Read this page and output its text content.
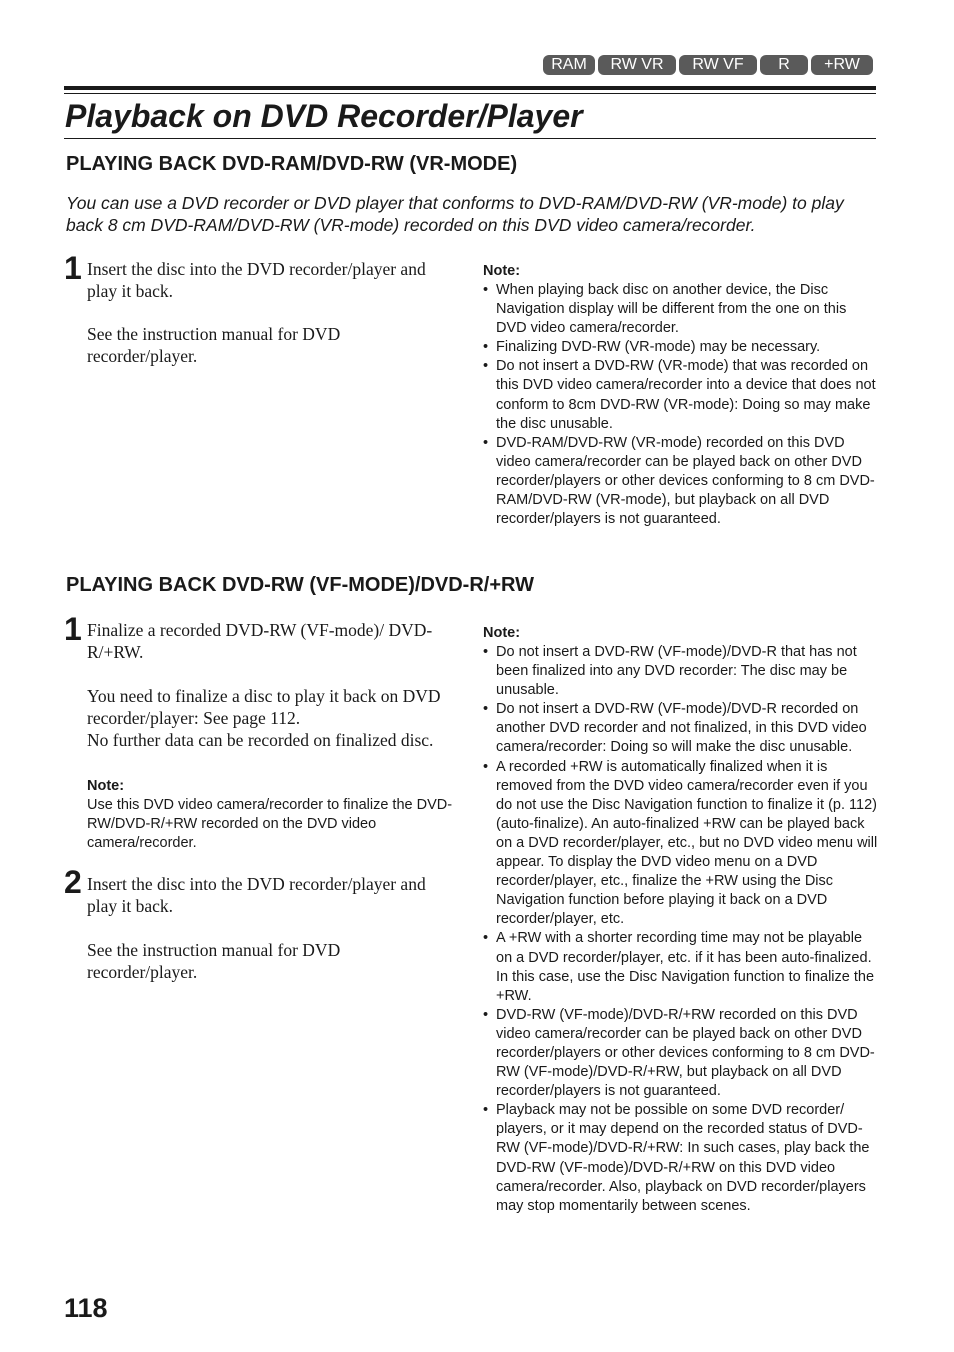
RAM	RW VR	RW VF	R	+RW
Playback on DVD Recorder/Player
PLAYING BACK DVD-RAM/DVD-RW (VR-MODE)

You can use a DVD recorder or DVD player that conforms to DVD-RAM/DVD-RW (VR-mode) to play back 8 cm DVD-RAM/DVD-RW (VR-mode) recorded on this DVD video camera/recorder.

1 Insert the disc into the DVD recorder/player and play it back.

See the instruction manual for DVD recorder/player.

Note:

• When playing back disc on another device, the Disc Navigation display will be different from the one on this DVD video camera/recorder.
• Finalizing DVD-RW (VR-mode) may be necessary.
• Do not insert a DVD-RW (VR-mode) that was recorded on this DVD video camera/recorder into a device that does not conform to 8cm DVD-RW (VR-mode): Doing so may make the disc unusable.
• DVD-RAM/DVD-RW (VR-mode) recorded on this DVD video camera/recorder can be played back on other DVD recorder/players or other devices conforming to 8 cm DVD-RAM/DVD-RW (VR-mode), but playback on all DVD recorder/players is not guaranteed.
PLAYING BACK DVD-RW (VF-MODE)/DVD-R/+RW
1 Finalize a recorded DVD-RW (VF-mode)/ DVD-R/+RW.

You need to finalize a disc to play it back on DVD recorder/player: See page 112.

No further data can be recorded on finalized disc.

Note:

Use this DVD video camera/recorder to finalize the DVD-RW/DVD-R/+RW recorded on the DVD video camera/recorder.

2 Insert the disc into the DVD recorder/player and play it back.

See the instruction manual for DVD recorder/player.

Note:

• Do not insert a DVD-RW (VF-mode)/DVD-R that has not been finalized into any DVD recorder: The disc may be unusable.
• Do not insert a DVD-RW (VF-mode)/DVD-R recorded on another DVD recorder and not finalized, in this DVD video camera/recorder: Doing so will make the disc unusable.
• A recorded +RW is automatically finalized when it is removed from the DVD video camera/recorder even if you do not use the Disc Navigation function to finalize it (p. 112) (auto-finalize). An auto-finalized +RW can be played back on a DVD recorder/player, etc., but no DVD video menu will appear. To display the DVD video menu on a DVD recorder/player, etc., finalize the +RW using the Disc Navigation function before playing it back on a DVD recorder/player, etc.
• A +RW with a shorter recording time may not be playable on a DVD recorder/player, etc. if it has been auto-finalized. In this case, use the Disc Navigation function to finalize the +RW.
• DVD-RW (VF-mode)/DVD-R/+RW recorded on this DVD video camera/recorder can be played back on other DVD recorder/players or other devices conforming to 8 cm DVD-RW (VF-mode)/DVD-R/+RW, but playback on all DVD recorder/players is not guaranteed.
• Playback may not be possible on some DVD recorder/ players, or it may depend on the recorded status of DVD-RW (VF-mode)/DVD-R/+RW: In such cases, play back the DVD-RW (VF-mode)/DVD-R/+RW on this DVD video camera/recorder. Also, playback on DVD recorder/players may stop momentarily between scenes.
118
